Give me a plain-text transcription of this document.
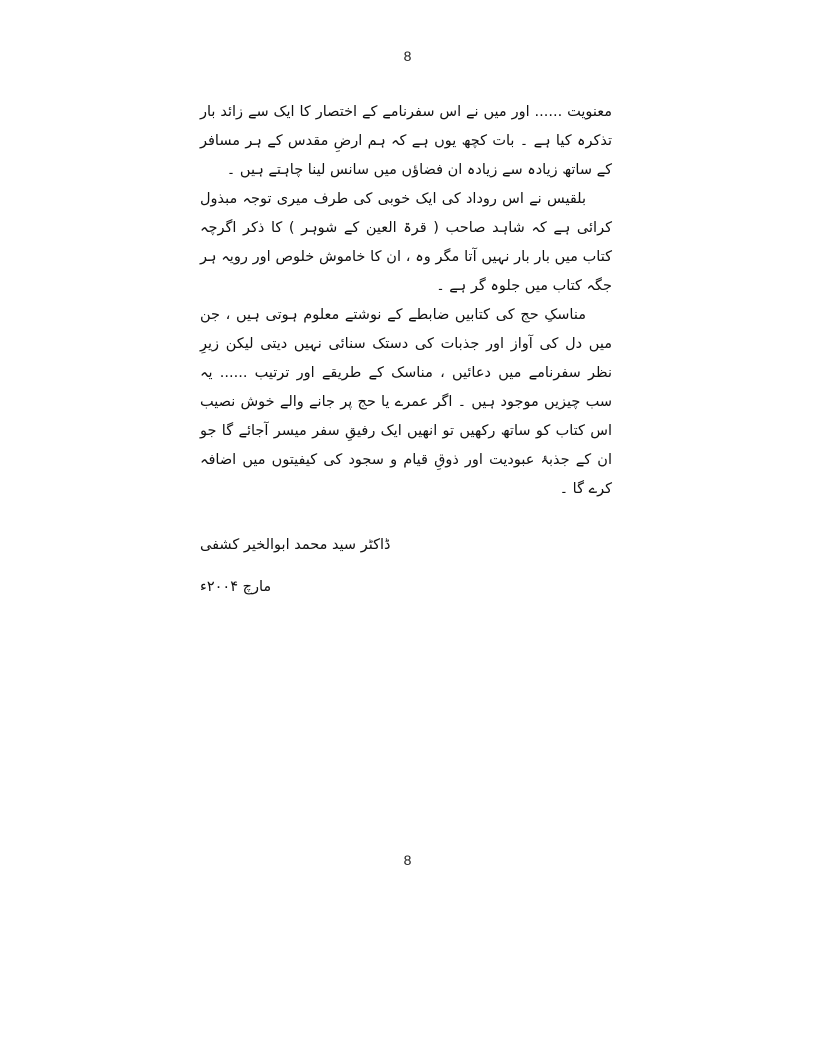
8

معنویت ...... اور میں نے اس سفرنامے کے اختصار کا ایک سے زائد بار تذکرہ کیا ہے ۔ بات کچھ یوں ہے کہ ہم ارضِ مقدس کے ہر مسافر کے ساتھ زیادہ سے زیادہ ان فضاؤں میں سانس لینا چاہتے ہیں ۔

بلقیس نے اس روداد کی ایک خوبی کی طرف میری توجہ مبذول کرائی ہے کہ شاہد صاحب ( قرۃ العین کے شوہر ) کا ذکر اگرچہ کتاب میں بار بار نہیں آتا مگر وہ ، ان کا خاموش خلوص اور رویہ ہر جگہ کتاب میں جلوہ گر ہے ۔

مناسکِ حج کی کتابیں ضابطے کے نوشتے معلوم ہوتی ہیں ، جن میں دل کی آواز اور جذبات کی دستک سنائی نہیں دیتی لیکن زیرِ نظر سفرنامے میں دعائیں ، مناسک کے طریقے اور ترتیب ...... یہ سب چیزیں موجود ہیں ۔ اگر عمرے یا حج پر جانے والے خوش نصیب اس کتاب کو ساتھ رکھیں تو انھیں ایک رفیقِ سفر میسر آجائے گا جو ان کے جذبۂ عبودیت اور ذوقِ قیام و سجود کی کیفیتوں میں اضافہ کرے گا ۔

ڈاکٹر سید محمد ابوالخیر کشفی
مارچ ۲۰۰۴ء
8
